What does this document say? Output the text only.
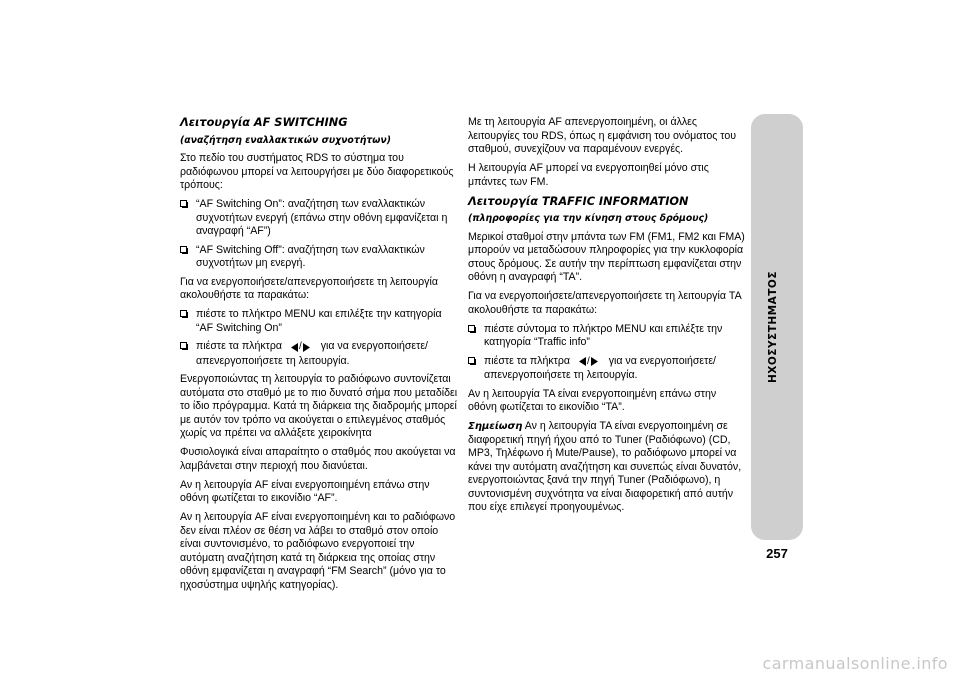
Λειτουργία AF SWITCHING

(αναζήτηση εναλλακτικών συχνοτήτων)

Στο πεδίο του συστήματος RDS το σύστημα του ραδιόφωνου μπορεί να λειτουργήσει με δύο διαφορετικούς τρόπους:

“AF Switching On”: αναζήτηση των εναλλακτικών συχνοτήτων ενεργή (επάνω στην οθόνη εμφανίζεται η αναγραφή “AF”)
“AF Switching Off”: αναζήτηση των εναλλακτικών συχνοτήτων μη ενεργή.

Για να ενεργοποιήσετε/απενεργοποιήσετε τη λειτουργία ακολουθήστε τα παρακάτω:

πιέστε το πλήκτρο MENU και επιλέξτε την κατηγορία “AF Switching On”
πιέστε τα πλήκτρα / για να ενεργοποιήσετε/απενεργοποιήσετε τη λειτουργία.

Ενεργοποιώντας τη λειτουργία το ραδιόφωνο συντονίζεται αυτόματα στο σταθμό με το πιο δυνατό σήμα που μεταδίδει το ίδιο πρόγραμμα. Κατά τη διάρκεια της διαδρομής μπορεί με αυτόν τον τρόπο να ακούγεται ο επιλεγμένος σταθμός χωρίς να πρέπει να αλλάξετε χειροκίνητα

Φυσιολογικά είναι απαραίτητο ο σταθμός που ακούγεται να λαμβάνεται στην περιοχή που διανύεται.

Αν η λειτουργία AF είναι ενεργοποιημένη επάνω στην οθόνη φωτίζεται το εικονίδιο “AF”.

Αν η λειτουργία AF είναι ενεργοποιημένη και το ραδιόφωνο δεν είναι πλέον σε θέση να λάβει το σταθμό στον οποίο είναι συντονισμένο, το ραδιόφωνο ενεργοποιεί την αυτόματη αναζήτηση κατά τη διάρκεια της οποίας στην οθόνη εμφανίζεται η αναγραφή “FM Search” (μόνο για το ηχοσύστημα υψηλής κατηγορίας).

Με τη λειτουργία AF απενεργοποιημένη, οι άλλες λειτουργίες του RDS, όπως η εμφάνιση του ονόματος του σταθμού, συνεχίζουν να παραμένουν ενεργές.

Η λειτουργία AF μπορεί να ενεργοποιηθεί μόνο στις μπάντες των FM.

Λειτουργία TRAFFIC INFORMATION

(πληροφορίες για την κίνηση στους δρόμους)

Μερικοί σταθμοί στην μπάντα των FM (FM1, FM2 και FMA) μπορούν να μεταδώσουν πληροφορίες για την κυκλοφορία στους δρόμους. Σε αυτήν την περίπτωση εμφανίζεται στην οθόνη η αναγραφή “TA”.

Για να ενεργοποιήσετε/απενεργοποιήσετε τη λειτουργία TA ακολουθήστε τα παρακάτω:

πιέστε σύντομα το πλήκτρο MENU και επιλέξτε την κατηγορία “Traffic info”
πιέστε τα πλήκτρα / για να ενεργοποιήσετε/απενεργοποιήσετε τη λειτουργία.

Αν η λειτουργία TA είναι ενεργοποιημένη επάνω στην οθόνη φωτίζεται το εικονίδιο “TA”.

Σημείωση Αν η λειτουργία TA είναι ενεργοποιημένη σε διαφορετική πηγή ήχου από το Tuner (Ραδιόφωνο) (CD, MP3, Τηλέφωνο ή Mute/Pause), το ραδιόφωνο μπορεί να κάνει την αυτόματη αναζήτηση και συνεπώς είναι δυνατόν, ενεργοποιώντας ξανά την πηγή Tuner (Ραδιόφωνο), η συντονισμένη συχνότητα να είναι διαφορετική από αυτήν που είχε επιλεγεί προηγουμένως.

ΗΧΟΣΥΣΤΗΜΑΤΟΣ
257
carmanualsonline.info
